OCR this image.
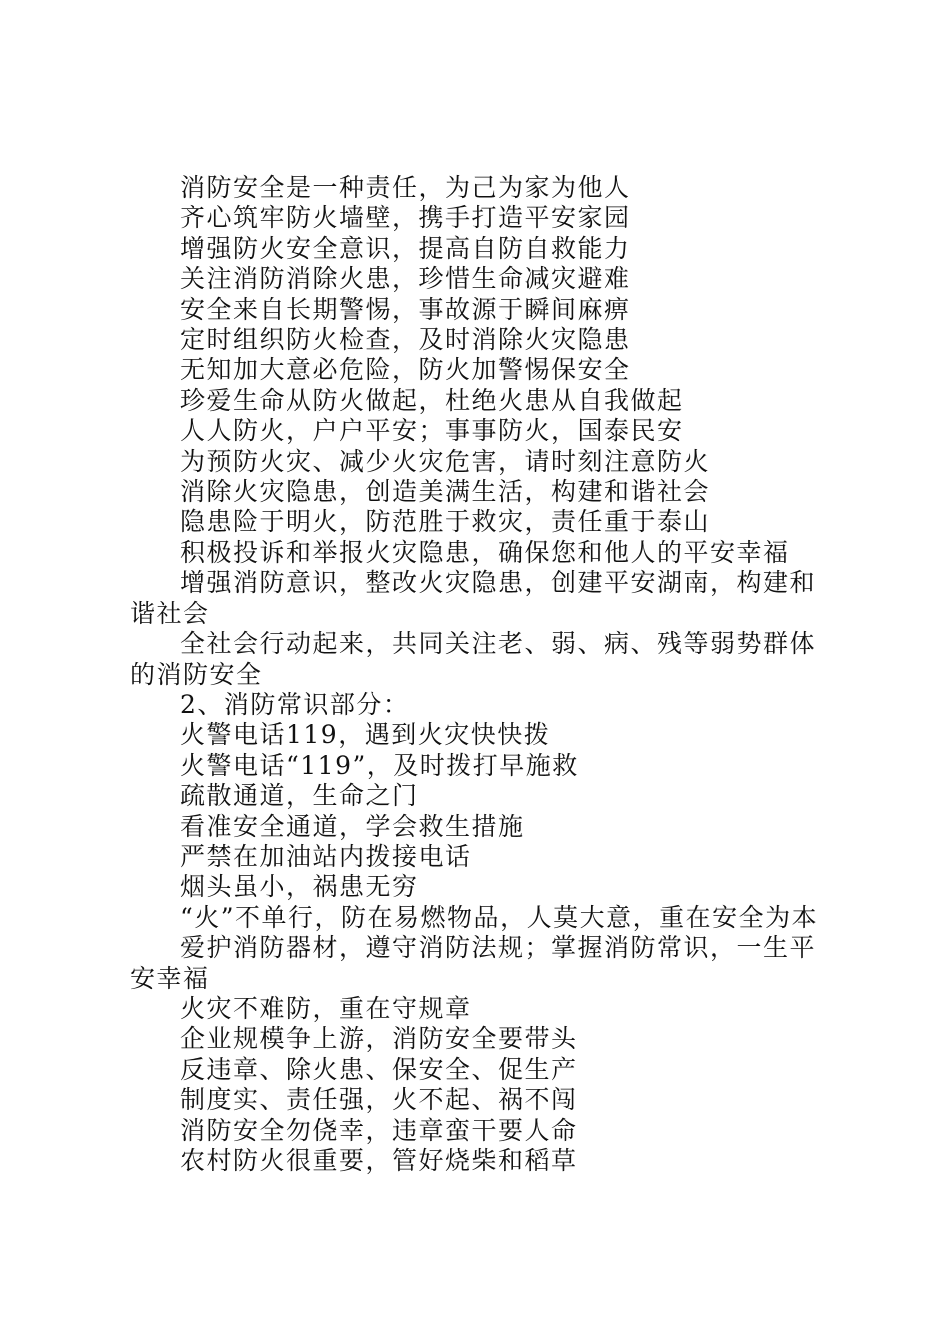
消防安全是一种责任，为己为家为他人

齐心筑牢防火墙壁，携手打造平安家园

增强防火安全意识，提高自防自救能力

关注消防消除火患，珍惜生命减灾避难

安全来自长期警惕，事故源于瞬间麻痹

定时组织防火检查，及时消除火灾隐患

无知加大意必危险，防火加警惕保安全

珍爱生命从防火做起，杜绝火患从自我做起

人人防火，户户平安；事事防火，国泰民安

为预防火灾、减少火灾危害，请时刻注意防火

消除火灾隐患，创造美满生活，构建和谐社会

隐患险于明火，防范胜于救灾，责任重于泰山

积极投诉和举报火灾隐患，确保您和他人的平安幸福

增强消防意识，整改火灾隐患，创建平安湖南，构建和谐社会

全社会行动起来，共同关注老、弱、病、残等弱势群体的消防安全

2、消防常识部分：

火警电话119，遇到火灾快快拨

火警电话“119”，及时拨打早施救

疏散通道，生命之门

看准安全通道，学会救生措施

严禁在加油站内拨接电话

烟头虽小，祸患无穷

“火”不单行，防在易燃物品，人莫大意，重在安全为本

爱护消防器材，遵守消防法规；掌握消防常识，一生平安幸福

火灾不难防，重在守规章

企业规模争上游，消防安全要带头

反违章、除火患、保安全、促生产

制度实、责任强，火不起、祸不闯

消防安全勿侥幸，违章蛮干要人命

农村防火很重要，管好烧柴和稻草
